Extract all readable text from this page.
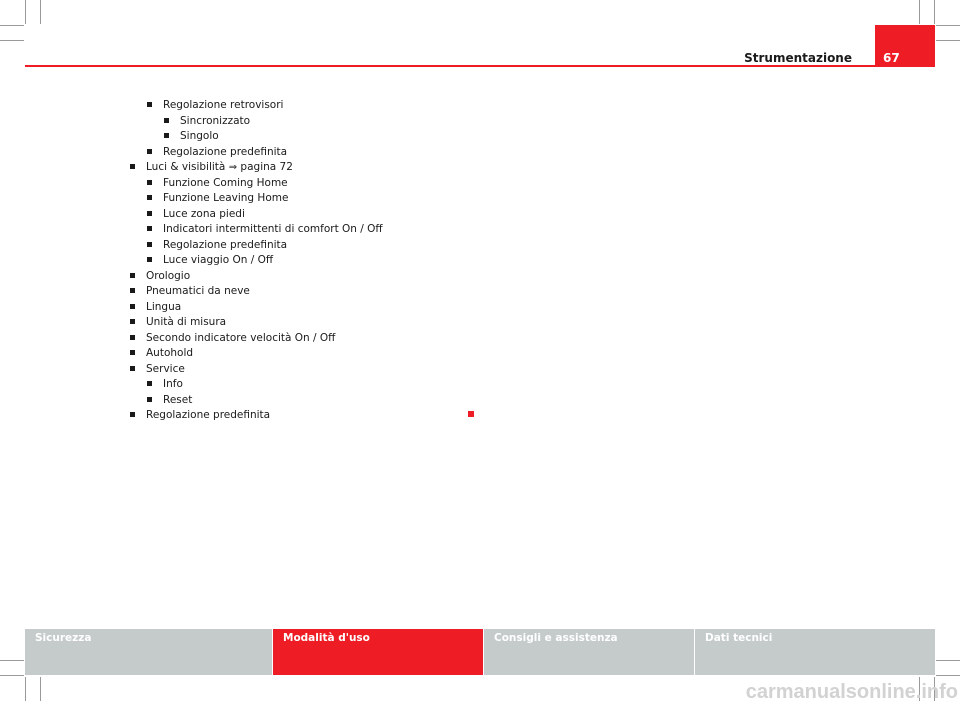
Strumentazione	67
Regolazione retrovisori
Sincronizzato
Singolo
Regolazione predefinita
Luci & visibilità ⇒ pagina 72
Funzione Coming Home
Funzione Leaving Home
Luce zona piedi
Indicatori intermittenti di comfort On / Off
Regolazione predefinita
Luce viaggio On / Off
Orologio
Pneumatici da neve
Lingua
Unità di misura
Secondo indicatore velocità On / Off
Autohold
Service
Info
Reset
Regolazione predefinita
Sicurezza	Modalità d'uso	Consigli e assistenza	Dati tecnici
carmanualsonline.info
